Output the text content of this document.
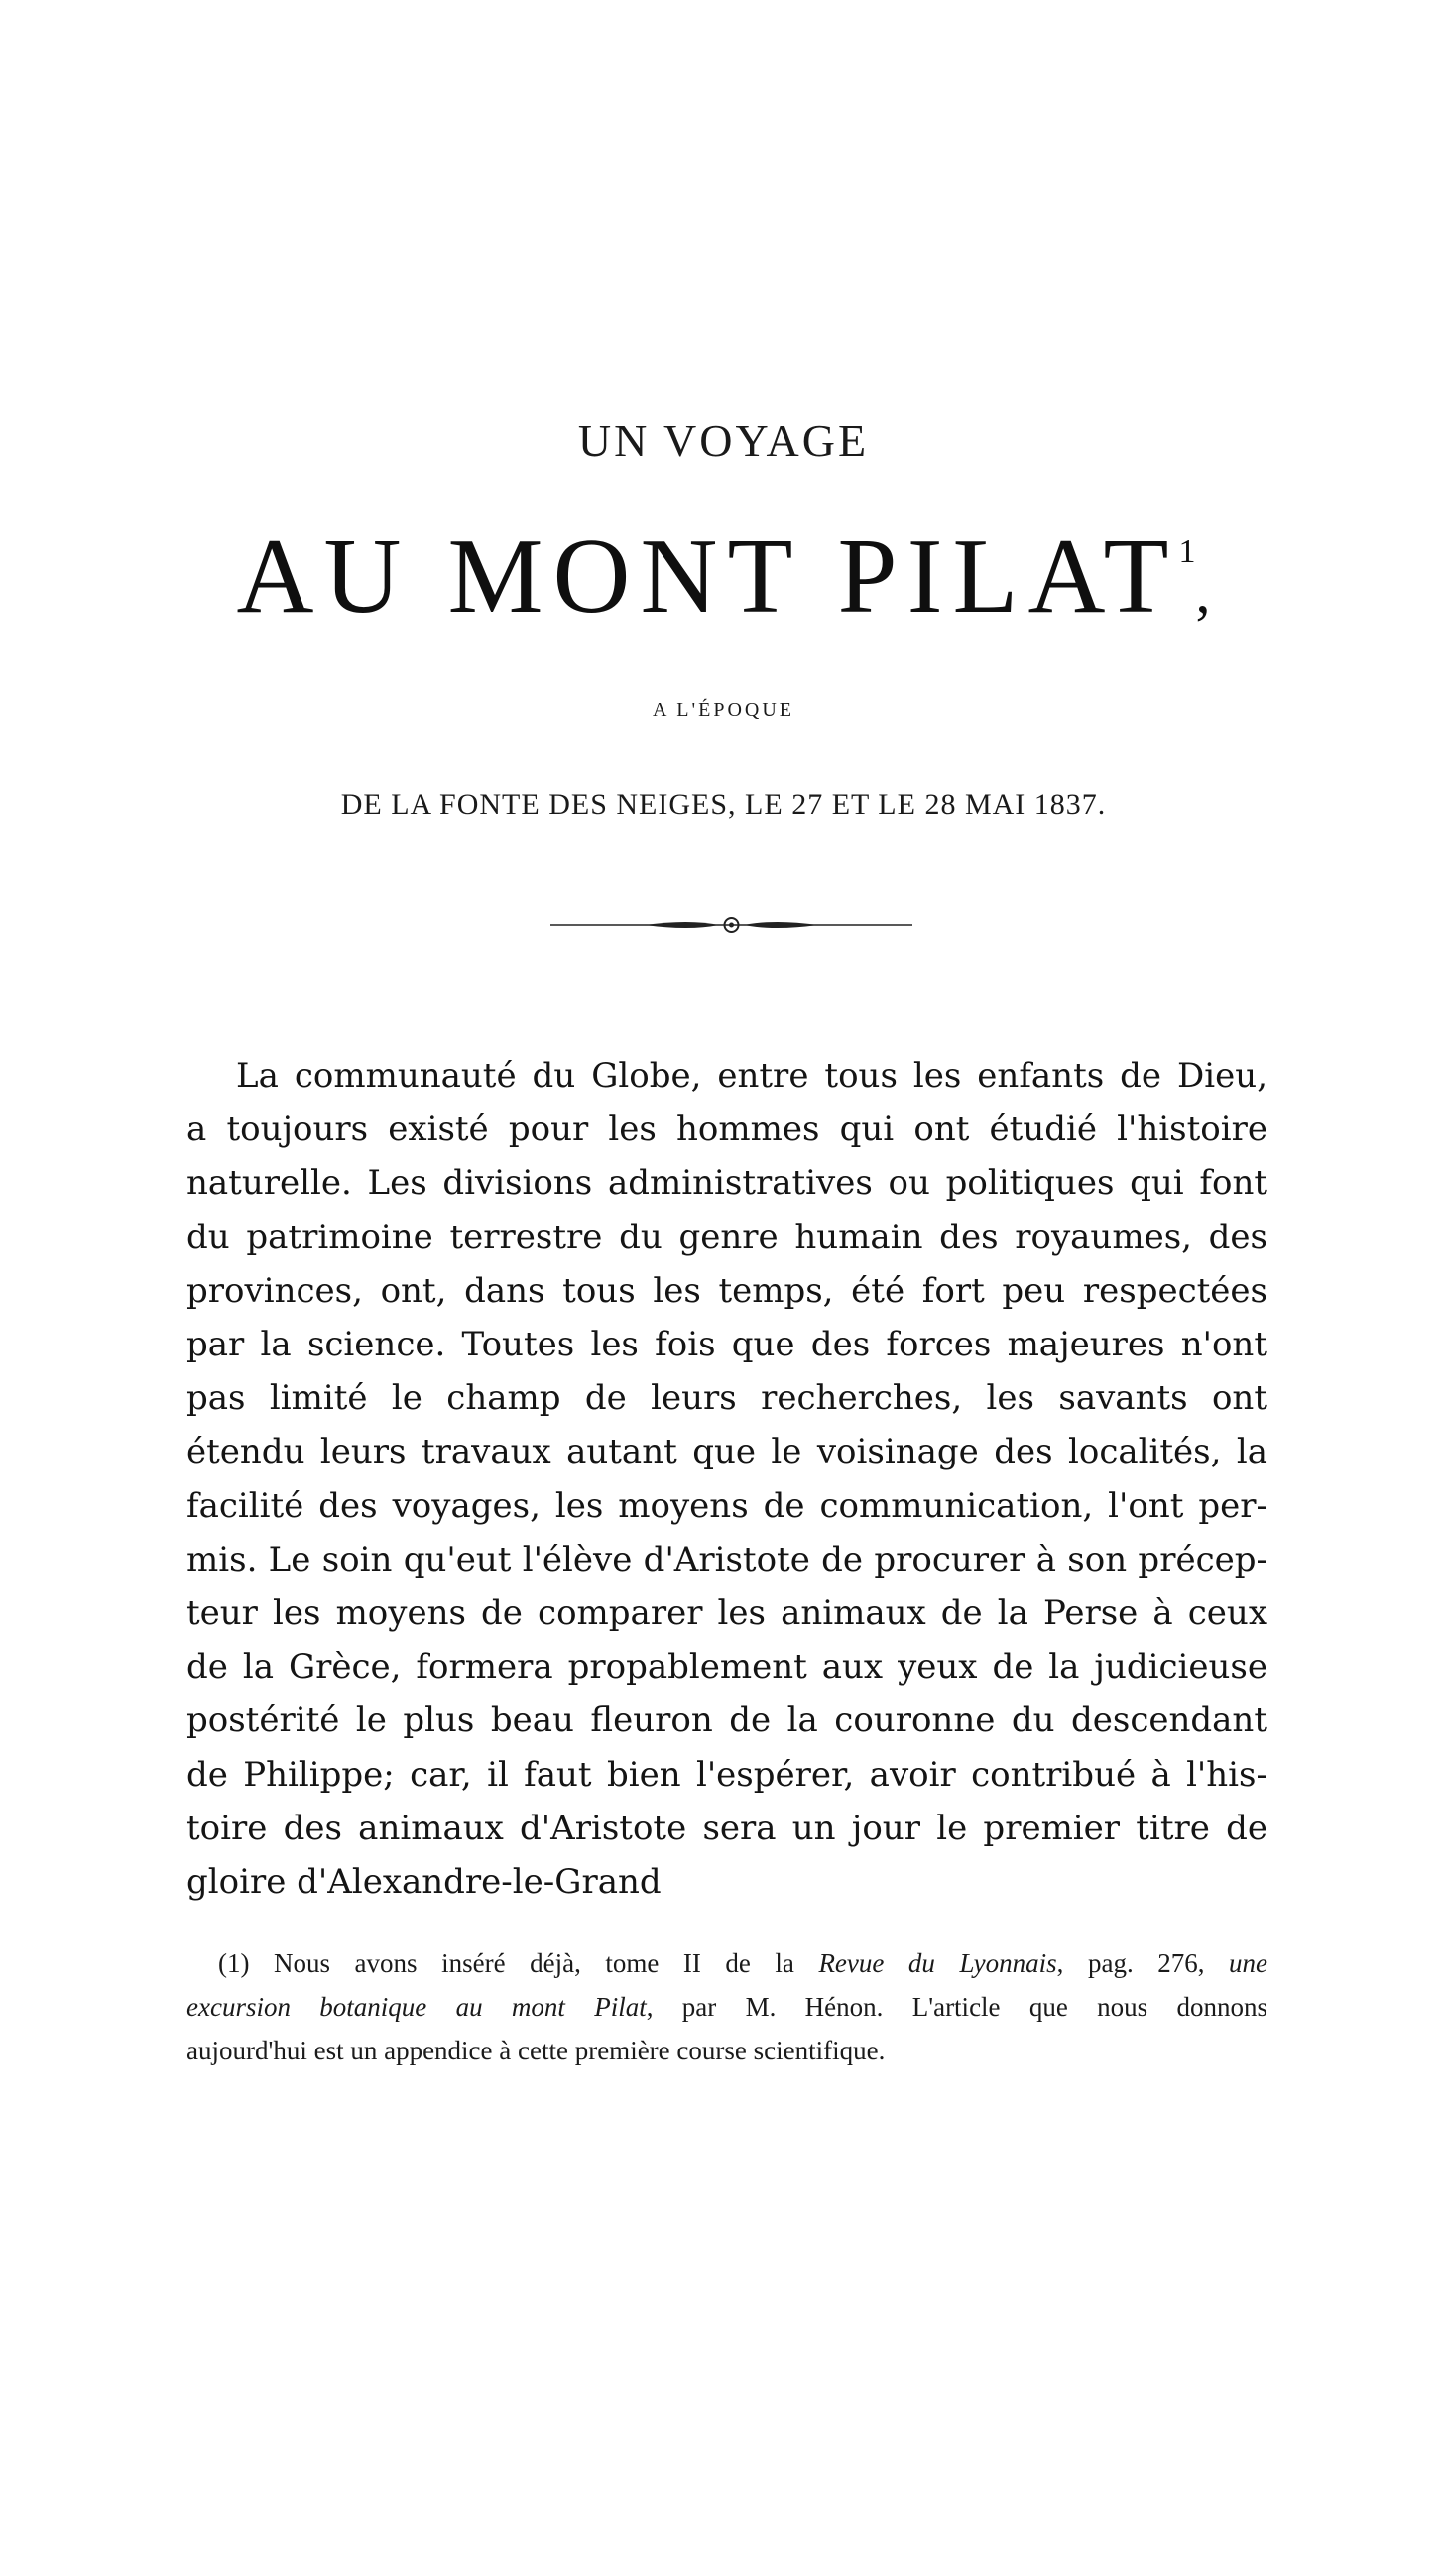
UN VOYAGE
AU MONT PILAT$^1$,
A L'ÉPOQUE
DE LA FONTE DES NEIGES, LE 27 ET LE 28 MAI 1837.
La communauté du Globe, entre tous les enfants de Dieu,
a toujours existé pour les hommes qui ont étudié l'histoire
naturelle. Les divisions administratives ou politiques qui font
du patrimoine terrestre du genre humain des royaumes, des
provinces, ont, dans tous les temps, été fort peu respectées
par la science. Toutes les fois que des forces majeures n'ont
pas limité le champ de leurs recherches, les savants ont
étendu leurs travaux autant que le voisinage des localités, la
facilité des voyages, les moyens de communication, l'ont per-
mis. Le soin qu'eut l'élève d'Aristote de procurer à son précep-
teur les moyens de comparer les animaux de la Perse à ceux
de la Grèce, formera propablement aux yeux de la judicieuse
postérité le plus beau fleuron de la couronne du descendant
de Philippe; car, il faut bien l'espérer, avoir contribué à l'his-
toire des animaux d'Aristote sera un jour le premier titre de
gloire d'Alexandre-le-Grand
(1) Nous avons inséré déjà, tome II de la Revue du Lyonnais, pag. 276, une
excursion botanique au mont Pilat, par M. Hénon. L'article que nous donnons
aujourd'hui est un appendice à cette première course scientifique.
